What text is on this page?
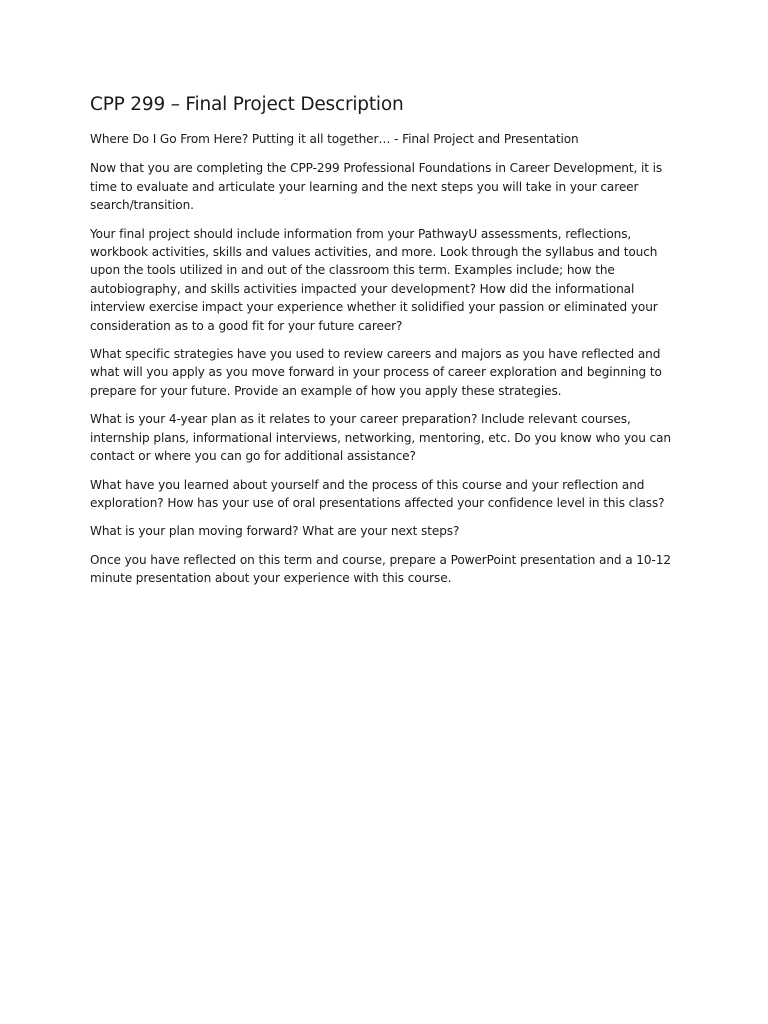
CPP 299 – Final Project Description

Where Do I Go From Here? Putting it all together… - Final Project and Presentation

Now that you are completing the CPP-299 Professional Foundations in Career Development, it is time to evaluate and articulate your learning and the next steps you will take in your career search/transition.

Your final project should include information from your PathwayU assessments, reflections, workbook activities, skills and values activities, and more. Look through the syllabus and touch upon the tools utilized in and out of the classroom this term. Examples include; how the autobiography, and skills activities impacted your development? How did the informational interview exercise impact your experience whether it solidified your passion or eliminated your consideration as to a good fit for your future career?

What specific strategies have you used to review careers and majors as you have reflected and what will you apply as you move forward in your process of career exploration and beginning to prepare for your future. Provide an example of how you apply these strategies.

What is your 4-year plan as it relates to your career preparation? Include relevant courses, internship plans, informational interviews, networking, mentoring, etc. Do you know who you can contact or where you can go for additional assistance?

What have you learned about yourself and the process of this course and your reflection and exploration? How has your use of oral presentations affected your confidence level in this class?

What is your plan moving forward? What are your next steps?

Once you have reflected on this term and course, prepare a PowerPoint presentation and a 10-12 minute presentation about your experience with this course.
